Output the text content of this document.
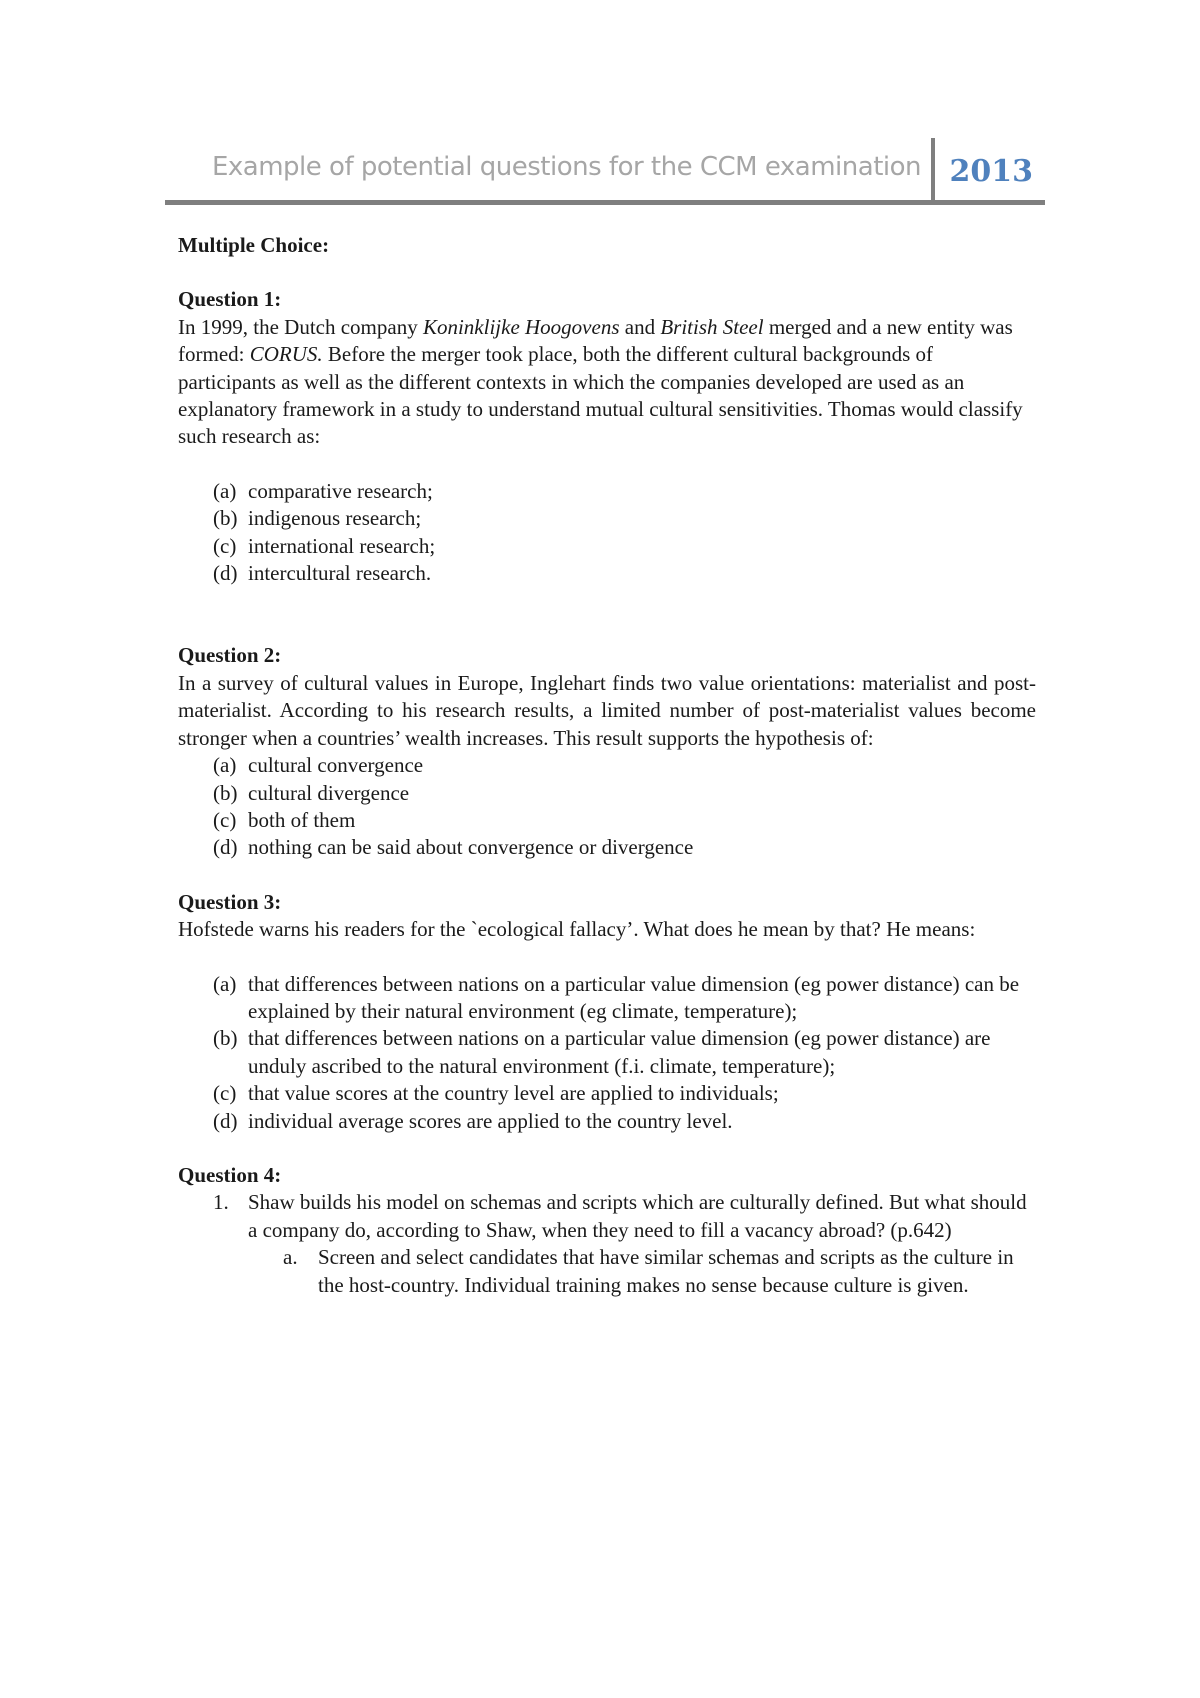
Example of potential questions for the CCM examination 2013

Multiple Choice:

Question 1:

In 1999, the Dutch company Koninklijke Hoogovens and British Steel merged and a new entity was formed: CORUS. Before the merger took place, both the different cultural backgrounds of participants as well as the different contexts in which the companies developed are used as an explanatory framework in a study to understand mutual cultural sensitivities. Thomas would classify such research as:

(a) comparative research;
(b) indigenous research;
(c) international research;
(d) intercultural research.

Question 2:

In a survey of cultural values in Europe, Inglehart finds two value orientations: materialist and post-materialist. According to his research results, a limited number of post-materialist values become stronger when a countries’ wealth increases. This result supports the hypothesis of:

(a) cultural convergence
(b) cultural divergence
(c) both of them
(d) nothing can be said about convergence or divergence

Question 3:

Hofstede warns his readers for the `ecological fallacy’. What does he mean by that? He means:

(a) that differences between nations on a particular value dimension (eg power distance) can be explained by their natural environment (eg climate, temperature);
(b) that differences between nations on a particular value dimension (eg power distance) are unduly ascribed to the natural environment (f.i. climate, temperature);
(c) that value scores at the country level are applied to individuals;
(d) individual average scores are applied to the country level.

Question 4:

1. Shaw builds his model on schemas and scripts which are culturally defined. But what should a company do, according to Shaw, when they need to fill a vacancy abroad? (p.642)
a. Screen and select candidates that have similar schemas and scripts as the culture in the host-country. Individual training makes no sense because culture is given.
